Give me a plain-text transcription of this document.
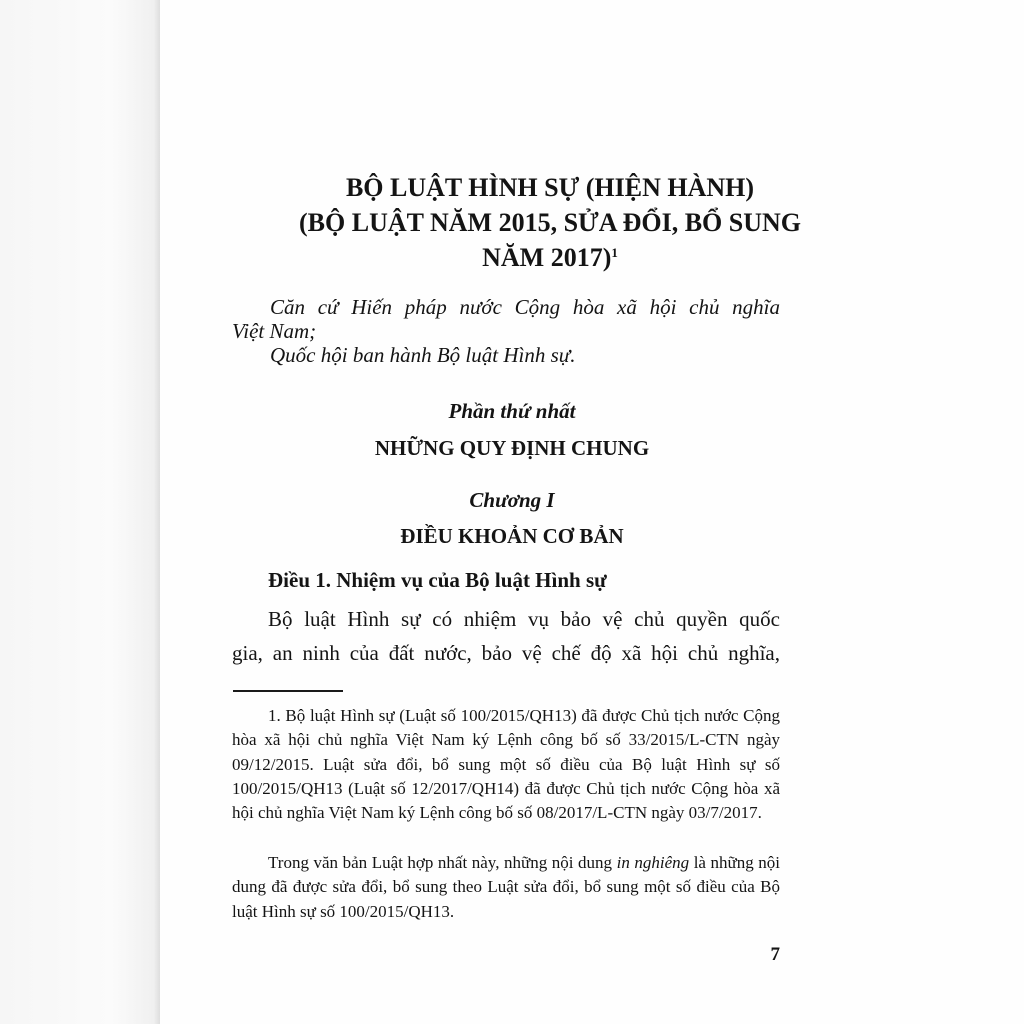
BỘ LUẬT HÌNH SỰ (HIỆN HÀNH)
(BỘ LUẬT NĂM 2015, SỬA ĐỔI, BỔ SUNG
NĂM 2017)$^1$
Căn cứ Hiến pháp nước Cộng hòa xã hội chủ nghĩa
Việt Nam;
Quốc hội ban hành Bộ luật Hình sự.
Phần thứ nhất
NHỮNG QUY ĐỊNH CHUNG
Chương I
ĐIỀU KHOẢN CƠ BẢN
Điều 1. Nhiệm vụ của Bộ luật Hình sự
Bộ luật Hình sự có nhiệm vụ bảo vệ chủ quyền quốc
gia, an ninh của đất nước, bảo vệ chế độ xã hội chủ nghĩa,
1. Bộ luật Hình sự (Luật số 100/2015/QH13) đã được Chủ tịch nước Cộng hòa xã hội chủ nghĩa Việt Nam ký Lệnh công bố số 33/2015/L-CTN ngày 09/12/2015. Luật sửa đổi, bổ sung một số điều của Bộ luật Hình sự số 100/2015/QH13 (Luật số 12/2017/QH14) đã được Chủ tịch nước Cộng hòa xã hội chủ nghĩa Việt Nam ký Lệnh công bố số 08/2017/L-CTN ngày 03/7/2017.
Trong văn bản Luật hợp nhất này, những nội dung in nghiêng là những nội dung đã được sửa đổi, bổ sung theo Luật sửa đổi, bổ sung một số điều của Bộ luật Hình sự số 100/2015/QH13.
7
